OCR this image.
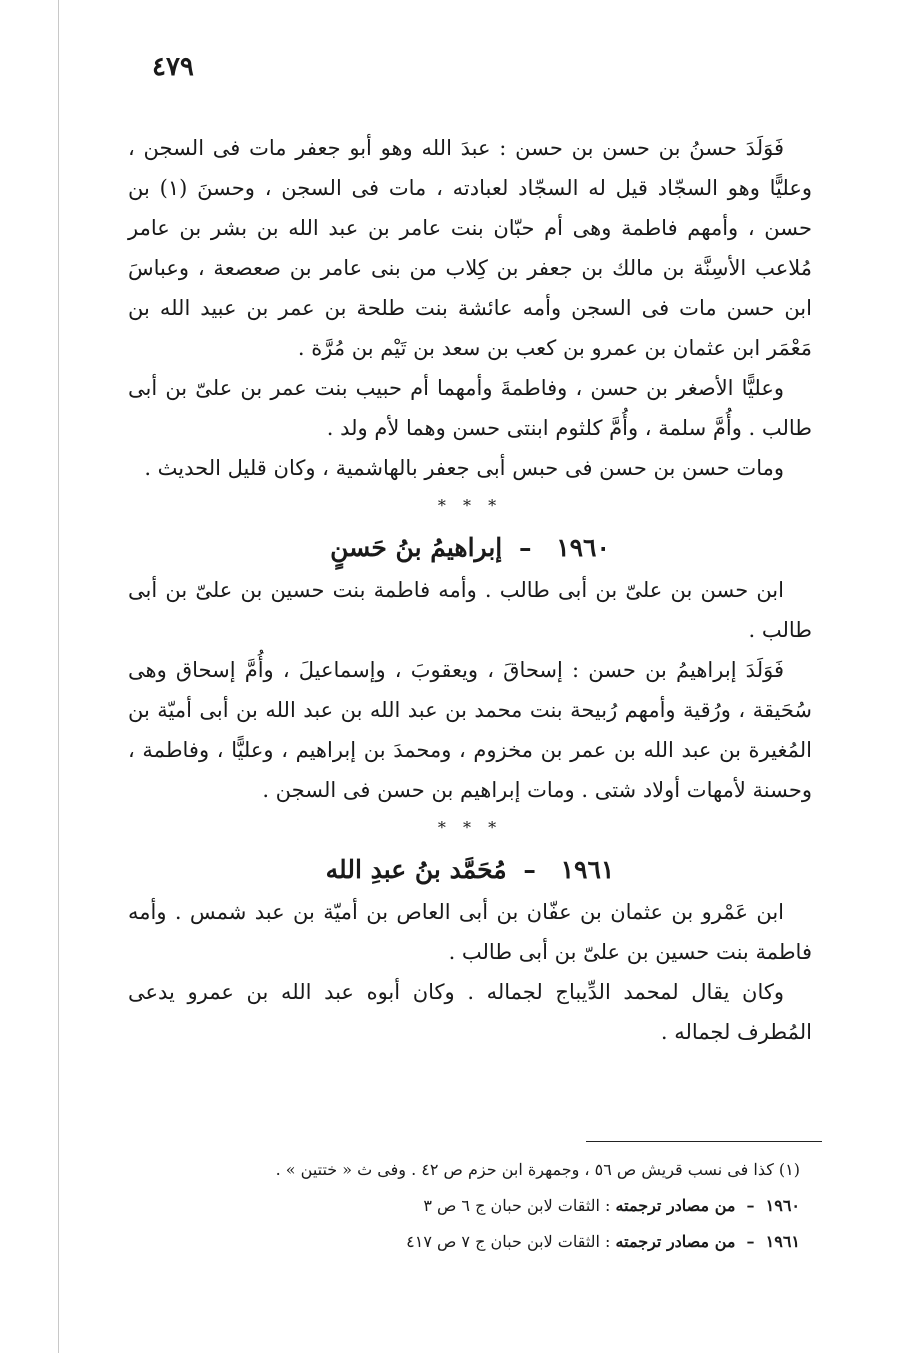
٤٧٩

فَوَلَدَ حسنُ بن حسن بن حسن : عبدَ الله وهو أبو جعفر مات فى السجن ، وعليًّا وهو السجّاد قيل له السجّاد لعبادته ، مات فى السجن ، وحسنَ (١) بن حسن ، وأمهم فاطمة وهى أم حبّان بنت عامر بن عبد الله بن بشر بن عامر مُلاعب الأسِنَّة بن مالك بن جعفر بن كِلاب من بنى عامر بن صعصعة ، وعباسَ ابن حسن مات فى السجن وأمه عائشة بنت طلحة بن عمر بن عبيد الله بن مَعْمَر ابن عثمان بن عمرو بن كعب بن سعد بن تَيْم بن مُرَّة .

وعليًّا الأصغر بن حسن ، وفاطمةَ وأمهما أم حبيب بنت عمر بن علىّ بن أبى طالب . وأُمَّ سلمة ، وأُمَّ كلثوم ابنتى حسن وهما لأم ولد .

ومات حسن بن حسن فى حبس أبى جعفر بالهاشمية ، وكان قليل الحديث .

* * *
١٩٦٠ – إبراهيمُ بنُ حَسنٍ

ابن حسن بن علىّ بن أبى طالب . وأمه فاطمة بنت حسين بن علىّ بن أبى طالب .

فَوَلَدَ إبراهيمُ بن حسن : إسحاقَ ، ويعقوبَ ، وإسماعيلَ ، وأُمَّ إسحاق وهى سُحَيقة ، ورُقية وأمهم رُبيحة بنت محمد بن عبد الله بن عبد الله بن أبى أميّة بن المُغيرة بن عبد الله بن عمر بن مخزوم ، ومحمدَ بن إبراهيم ، وعليًّا ، وفاطمة ، وحسنة لأمهات أولاد شتى . ومات إبراهيم بن حسن فى السجن .

* * *
١٩٦١ – مُحَمَّد بنُ عبدِ الله

ابن عَمْرو بن عثمان بن عفّان بن أبى العاص بن أميّة بن عبد شمس . وأمه فاطمة بنت حسين بن علىّ بن أبى طالب .

وكان يقال لمحمد الدِّيباج لجماله . وكان أبوه عبد الله بن عمرو يدعى المُطرف لجماله .

(١) كذا فى نسب قريش ص ٥٦ ، وجمهرة ابن حزم ص ٤٢ . وفى ث « ختتين » .
١٩٦٠ – من مصادر ترجمته : الثقات لابن حبان ج ٦ ص ٣
١٩٦١ – من مصادر ترجمته : الثقات لابن حبان ج ٧ ص ٤١٧
